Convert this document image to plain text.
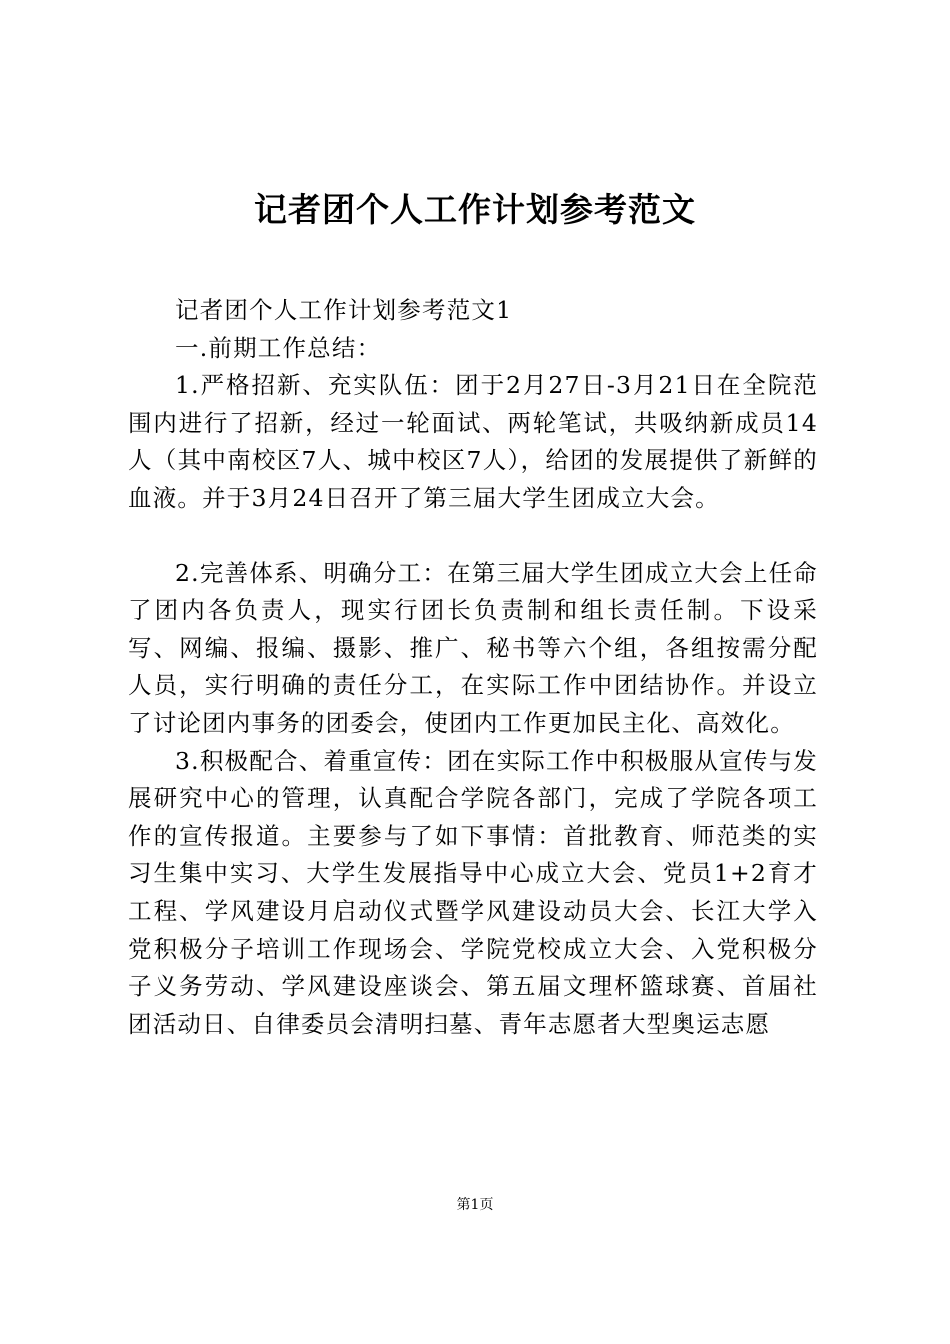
记者团个人工作计划参考范文

记者团个人工作计划参考范文1

一.前期工作总结：

1.严格招新、充实队伍：团于2月27日-3月21日在全院范围内进行了招新，经过一轮面试、两轮笔试，共吸纳新成员14人（其中南校区7人、城中校区7人），给团的发展提供了新鲜的血液。并于3月24日召开了第三届大学生团成立大会。

2.完善体系、明确分工：在第三届大学生团成立大会上任命了团内各负责人，现实行团长负责制和组长责任制。下设采写、网编、报编、摄影、推广、秘书等六个组，各组按需分配人员，实行明确的责任分工，在实际工作中团结协作。并设立了讨论团内事务的团委会，使团内工作更加民主化、高效化。

3.积极配合、着重宣传：团在实际工作中积极服从宣传与发展研究中心的管理，认真配合学院各部门，完成了学院各项工作的宣传报道。主要参与了如下事情：首批教育、师范类的实习生集中实习、大学生发展指导中心成立大会、党员1+2育才工程、学风建设月启动仪式暨学风建设动员大会、长江大学入党积极分子培训工作现场会、学院党校成立大会、入党积极分子义务劳动、学风建设座谈会、第五届文理杯篮球赛、首届社团活动日、自律委员会清明扫墓、青年志愿者大型奥运志愿

第1页
